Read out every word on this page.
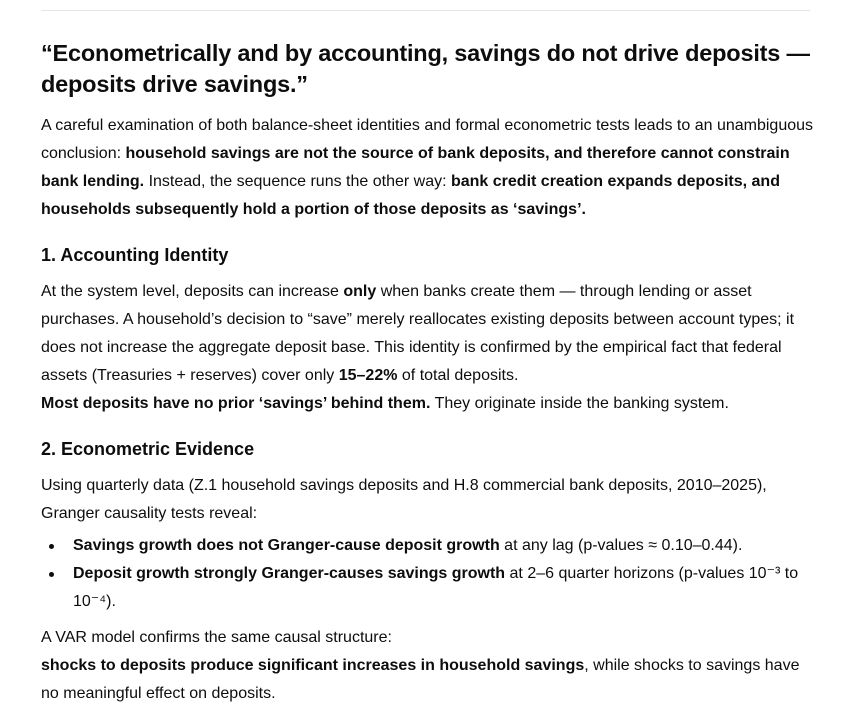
“Econometrically and by accounting, savings do not drive deposits — deposits drive savings.”

A careful examination of both balance-sheet identities and formal econometric tests leads to an unambiguous conclusion: household savings are not the source of bank deposits, and therefore cannot constrain bank lending. Instead, the sequence runs the other way: bank credit creation expands deposits, and households subsequently hold a portion of those deposits as ‘savings’.

1. Accounting Identity

At the system level, deposits can increase only when banks create them — through lending or asset purchases. A household’s decision to “save” merely reallocates existing deposits between account types; it does not increase the aggregate deposit base. This identity is confirmed by the empirical fact that federal assets (Treasuries + reserves) cover only 15–22% of total deposits.
Most deposits have no prior ‘savings’ behind them. They originate inside the banking system.

2. Econometric Evidence

Using quarterly data (Z.1 household savings deposits and H.8 commercial bank deposits, 2010–2025), Granger causality tests reveal:

Savings growth does not Granger-cause deposit growth at any lag (p-values ≈ 0.10–0.44).
Deposit growth strongly Granger-causes savings growth at 2–6 quarter horizons (p-values 10⁻³ to 10⁻⁴).

A VAR model confirms the same causal structure:
shocks to deposits produce significant increases in household savings, while shocks to savings have no meaningful effect on deposits.
